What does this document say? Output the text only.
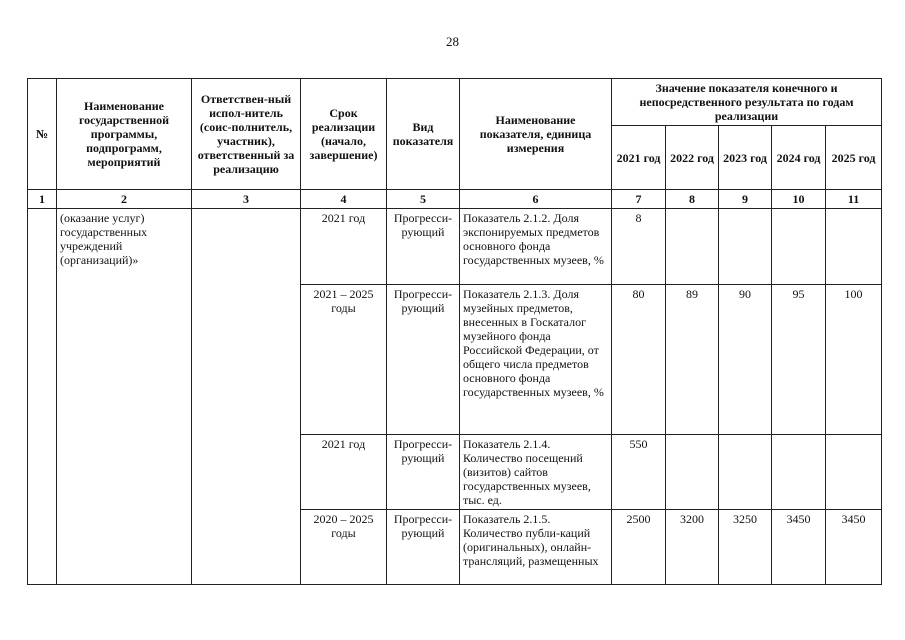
28
№	Наименование государственной программы, подпрограмм, мероприятий	Ответствен-ный испол-нитель (соис-полнитель, участник), ответственный за реализацию	Срок реализации (начало, завершение)	Вид показателя	Наименование показателя, единица измерения	Значение показателя конечного и непосредственного результата по годам реализации				
						2021 год	2022 год	2023 год	2024 год	2025 год
1	2	3	4	5	6	7	8	9	10	11
	(оказание услуг) государственных учреждений (организаций)»		2021 год	Прогресси-рующий	Показатель 2.1.2. Доля экспонируемых предметов основного фонда государственных музеев, %	8				
			2021 – 2025 годы	Прогресси-рующий	Показатель 2.1.3. Доля музейных предметов, внесенных в Госкаталог музейного фонда Российской Федерации, от общего числа предметов основного фонда государственных музеев, %	80	89	90	95	100
			2021 год	Прогресси-рующий	Показатель 2.1.4. Количество посещений (визитов) сайтов государственных музеев, тыс. ед.	550				
			2020 – 2025 годы	Прогресси-рующий	Показатель 2.1.5. Количество публи-каций (оригинальных), онлайн-трансляций, размещенных	2500	3200	3250	3450	3450
